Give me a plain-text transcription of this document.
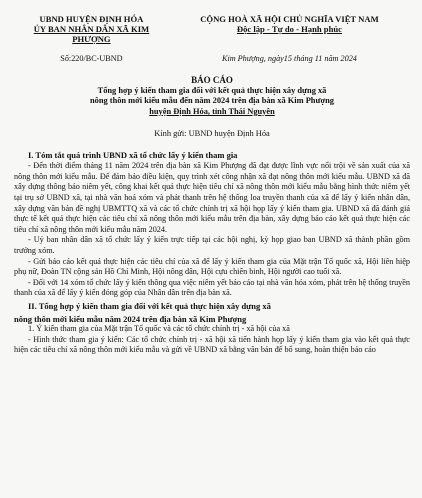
UBND HUYỆN ĐỊNH HÓA
ỦY BAN NHÂN DÂN XÃ KIM PHƯỢNG
CỘNG HOÀ XÃ HỘI CHỦ NGHĨA VIỆT NAM
Độc lập - Tự do - Hạnh phúc
Số:220/BC-UBND	Kim Phượng, ngày15 tháng 11 năm 2024
BÁO CÁO
Tổng hợp ý kiến tham gia đối với kết quả thực hiện xây dựng xã
nông thôn mới kiểu mẫu đến năm 2024 trên địa bàn xã Kim Phượng
huyện Định Hóa, tỉnh Thái Nguyên
Kính gửi: UBND huyện Định Hóa
I. Tóm tắt quá trình UBND xã tổ chức lấy ý kiến tham gia

- Đến thời điểm tháng 11 năm 2024 trên địa bàn xã Kim Phượng đã đạt được lĩnh vực nổi trội về sản xuất của xã nông thôn mới kiểu mẫu. Để đảm bảo điều kiện, quy trình xét công nhận xã đạt nông thôn mới kiểu mẫu. UBND xã đã xây dựng thông báo niêm yết, công khai kết quả thực hiện tiêu chí xã nông thôn mới kiểu mẫu bằng hình thức niêm yết tại trụ sở UBND xã, tại nhà văn hoá xóm và phát thanh trên hệ thống loa truyền thanh của xã để lấy ý kiến nhân dân, xây dựng văn bản đề nghị UBMTTQ xã và các tổ chức chính trị xã hội họp lấy ý kiến tham gia. UBND xã đã đánh giá thực tế kết quả thực hiện các tiêu chí xã nông thôn mới kiểu mẫu trên địa bàn, xây dựng báo cáo kết quả thực hiện các tiêu chí xã nông thôn mới kiểu mẫu năm 2024.

- Uỷ ban nhân dân xã tổ chức lấy ý kiến trực tiếp tại các hội nghị, kỳ họp giao ban UBND xã thành phần gồm trưởng xóm.

- Gửi báo cáo kết quả thực hiện các tiêu chí của xã để lấy ý kiến tham gia của Mặt trận Tổ quốc xã, Hội liên hiệp phụ nữ, Đoàn TN cộng sản Hồ Chí Minh, Hội nông dân, Hội cựu chiến binh, Hội người cao tuổi xã.

- Đối với 14 xóm tổ chức lấy ý kiến thông qua việc niêm yết báo cáo tại nhà văn hóa xóm, phát trên hệ thống truyền thanh của xã để lấy ý kiến đóng góp của Nhân dân trên địa bàn xã.

II. Tổng hợp ý kiến tham gia đối với kết quả thực hiện xây dựng xã
nông thôn mới kiểu mẫu năm 2024 trên địa bàn xã Kim Phượng

1. Ý kiến tham gia của Mặt trận Tổ quốc và các tổ chức chính trị - xã hội của xã

- Hình thức tham gia ý kiến: Các tổ chức chính trị - xã hội xã tiến hành họp lấy ý kiến tham gia vào kết quả thực hiện các tiêu chí xã nông thôn mới kiểu mẫu và gửi về UBND xã bằng văn bản để bổ sung, hoàn thiện báo cáo
